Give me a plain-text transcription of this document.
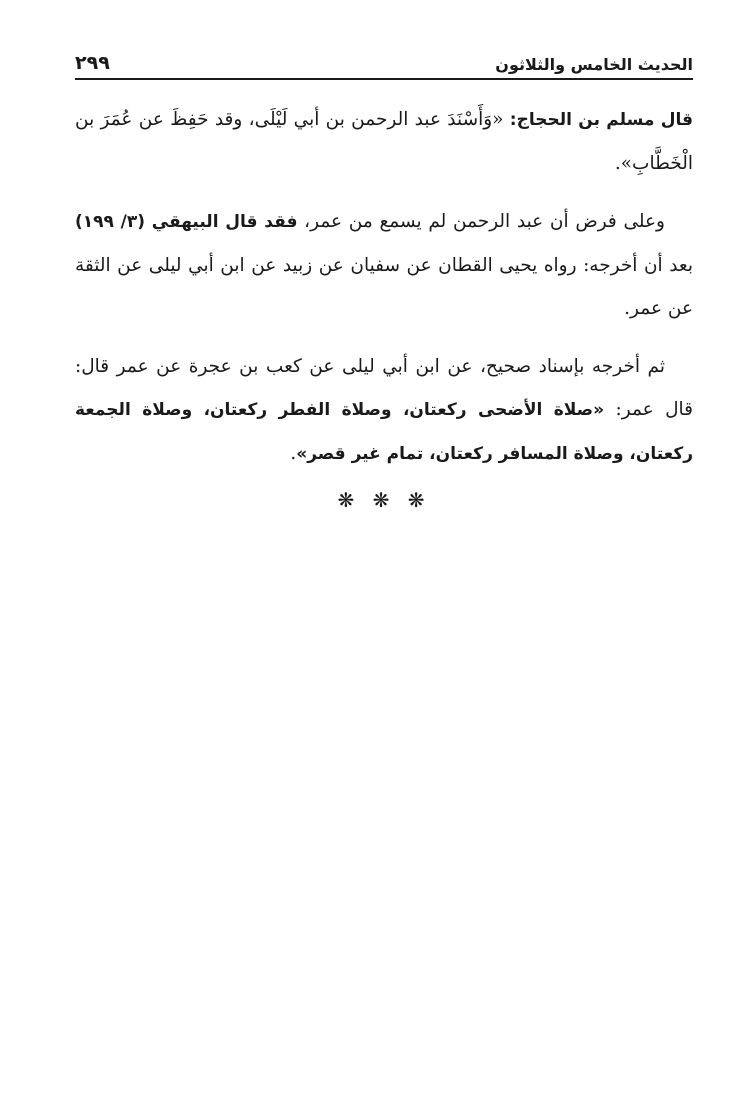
الحديث الخامس والثلاثون
٢٩٩

قال مسلم بن الحجاج: «وَأَسْنَدَ عبد الرحمن بن أبي لَيْلَى، وقد حَفِظَ عن عُمَرَ بن الْخَطَّابِ».

وعلى فرض أن عبد الرحمن لم يسمع من عمر، فقد قال البيهقي (٣/ ١٩٩) بعد أن أخرجه: رواه يحيى القطان عن سفيان عن زبيد عن ابن أبي ليلى عن الثقة عن عمر.

ثم أخرجه بإسناد صحيح، عن ابن أبي ليلى عن كعب بن عجرة عن عمر قال: قال عمر: «صلاة الأضحى ركعتان، وصلاة الفطر ركعتان، وصلاة الجمعة ركعتان، وصلاة المسافر ركعتان، تمام غير قصر».

❋ ❋ ❋
